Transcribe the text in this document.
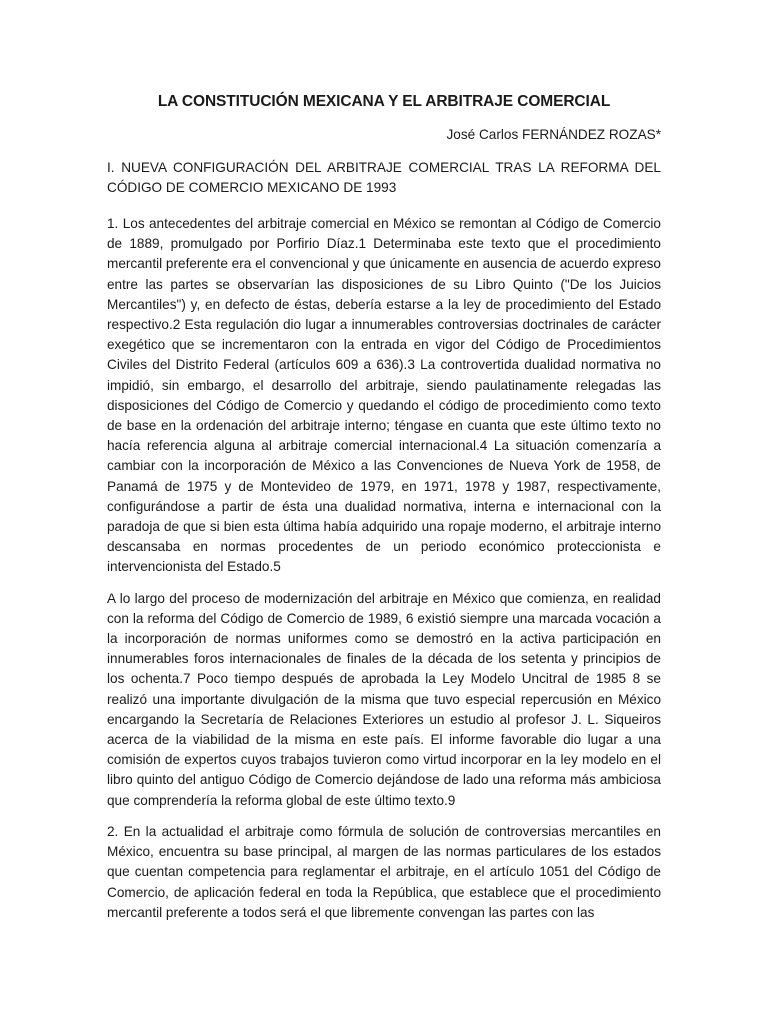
LA CONSTITUCIÓN MEXICANA Y EL ARBITRAJE COMERCIAL

José Carlos FERNÁNDEZ ROZAS*

I. NUEVA CONFIGURACIÓN DEL ARBITRAJE COMERCIAL TRAS LA REFORMA DEL CÓDIGO DE COMERCIO MEXICANO DE 1993

1. Los antecedentes del arbitraje comercial en México se remontan al Código de Comercio de 1889, promulgado por Porfirio Díaz.1 Determinaba este texto que el procedimiento mercantil preferente era el convencional y que únicamente en ausencia de acuerdo expreso entre las partes se observarían las disposiciones de su Libro Quinto ("De los Juicios Mercantiles") y, en defecto de éstas, debería estarse a la ley de procedimiento del Estado respectivo.2 Esta regulación dio lugar a innumerables controversias doctrinales de carácter exegético que se incrementaron con la entrada en vigor del Código de Procedimientos Civiles del Distrito Federal (artículos 609 a 636).3 La controvertida dualidad normativa no impidió, sin embargo, el desarrollo del arbitraje, siendo paulatinamente relegadas las disposiciones del Código de Comercio y quedando el código de procedimiento como texto de base en la ordenación del arbitraje interno; téngase en cuanta que este último texto no hacía referencia alguna al arbitraje comercial internacional.4 La situación comenzaría a cambiar con la incorporación de México a las Convenciones de Nueva York de 1958, de Panamá de 1975 y de Montevideo de 1979, en 1971, 1978 y 1987, respectivamente, configurándose a partir de ésta una dualidad normativa, interna e internacional con la paradoja de que si bien esta última había adquirido una ropaje moderno, el arbitraje interno descansaba en normas procedentes de un periodo económico proteccionista e intervencionista del Estado.5

A lo largo del proceso de modernización del arbitraje en México que comienza, en realidad con la reforma del Código de Comercio de 1989, 6 existió siempre una marcada vocación a la incorporación de normas uniformes como se demostró en la activa participación en innumerables foros internacionales de finales de la década de los setenta y principios de los ochenta.7 Poco tiempo después de aprobada la Ley Modelo Uncitral de 1985 8 se realizó una importante divulgación de la misma que tuvo especial repercusión en México encargando la Secretaría de Relaciones Exteriores un estudio al profesor J. L. Siqueiros acerca de la viabilidad de la misma en este país. El informe favorable dio lugar a una comisión de expertos cuyos trabajos tuvieron como virtud incorporar en la ley modelo en el libro quinto del antiguo Código de Comercio dejándose de lado una reforma más ambiciosa que comprendería la reforma global de este último texto.9

2. En la actualidad el arbitraje como fórmula de solución de controversias mercantiles en México, encuentra su base principal, al margen de las normas particulares de los estados que cuentan competencia para reglamentar el arbitraje, en el artículo 1051 del Código de Comercio, de aplicación federal en toda la República, que establece que el procedimiento mercantil preferente a todos será el que libremente convengan las partes con las
